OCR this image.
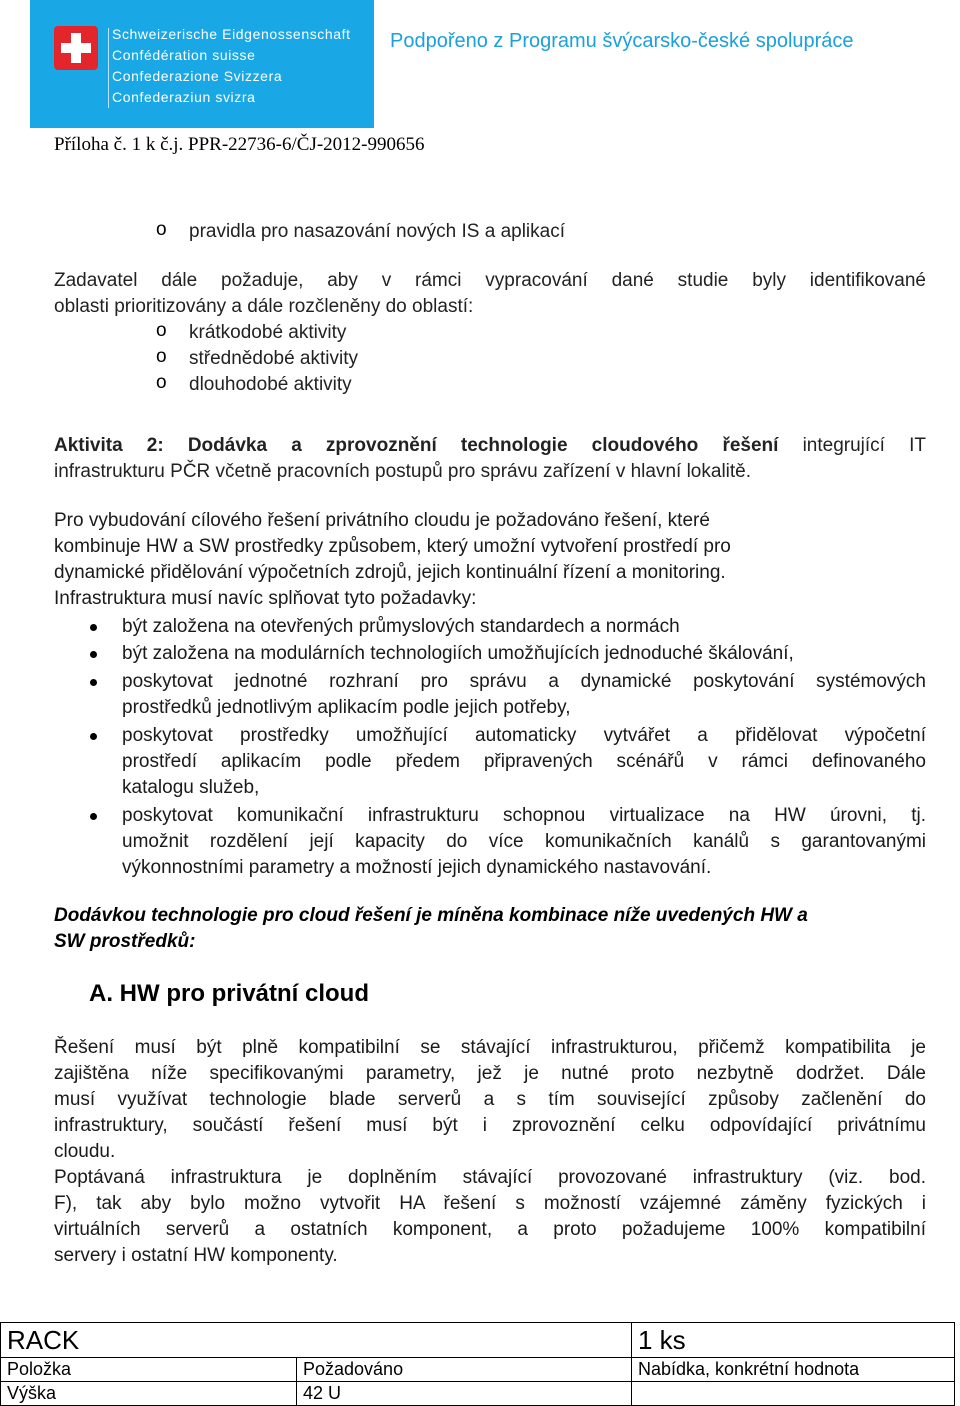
Schweizerische Eidgenossenschaft
Confédération suisse
Confederazione Svizzera
Confederaziun svizra
Podpořeno z Programu švýcarsko-české spolupráce
Příloha č. 1 k č.j. PPR-22736-6/ČJ-2012-990656
o pravidla pro nasazování nových IS a aplikací
Zadavatel dále požaduje, aby v rámci vypracování dané studie byly identifikované
oblasti prioritizovány a dále rozčleněny do oblastí:
o krátkodobé aktivity
o střednědobé aktivity
o dlouhodobé aktivity
Aktivita 2: Dodávka a zprovoznění technologie cloudového řešení integrující IT
infrastrukturu PČR včetně pracovních postupů pro správu zařízení v hlavní lokalitě.
Pro vybudování cílového řešení privátního cloudu je požadováno řešení, které
kombinuje HW a SW prostředky způsobem, který umožní vytvoření prostředí pro
dynamické přidělování výpočetních zdrojů, jejich kontinuální řízení a monitoring.
Infrastruktura musí navíc splňovat tyto požadavky:
být založena na otevřených průmyslových standardech a normách
být založena na modulárních technologiích umožňujících jednoduché škálování,
poskytovat jednotné rozhraní pro správu a dynamické poskytování systémových
prostředků jednotlivým aplikacím podle jejich potřeby,
poskytovat prostředky umožňující automaticky vytvářet a přidělovat výpočetní
prostředí aplikacím podle předem připravených scénářů v rámci definovaného
katalogu služeb,
poskytovat komunikační infrastrukturu schopnou virtualizace na HW úrovni, tj.
umožnit rozdělení její kapacity do více komunikačních kanálů s garantovanými
výkonnostními parametry a možností jejich dynamického nastavování.
Dodávkou technologie pro cloud řešení je míněna kombinace níže uvedených HW a
SW prostředků:
A. HW pro privátní cloud
Řešení musí být plně kompatibilní se stávající infrastrukturou, přičemž kompatibilita je
zajištěna níže specifikovanými parametry, jež je nutné proto nezbytně dodržet. Dále
musí využívat technologie blade serverů a s tím související způsoby začlenění do
infrastruktury, součástí řešení musí být i zprovoznění celku odpovídající privátnímu
cloudu.
Poptávaná infrastruktura je doplněním stávající provozované infrastruktury (viz. bod.
F), tak aby bylo možno vytvořit HA řešení s možností vzájemné záměny fyzických i
virtuálních serverů a ostatních komponent, a proto požadujeme 100% kompatibilní
servery i ostatní HW komponenty.
RACK		1 ks
Položka	Požadováno	Nabídka, konkrétní hodnota
Výška	42 U	
